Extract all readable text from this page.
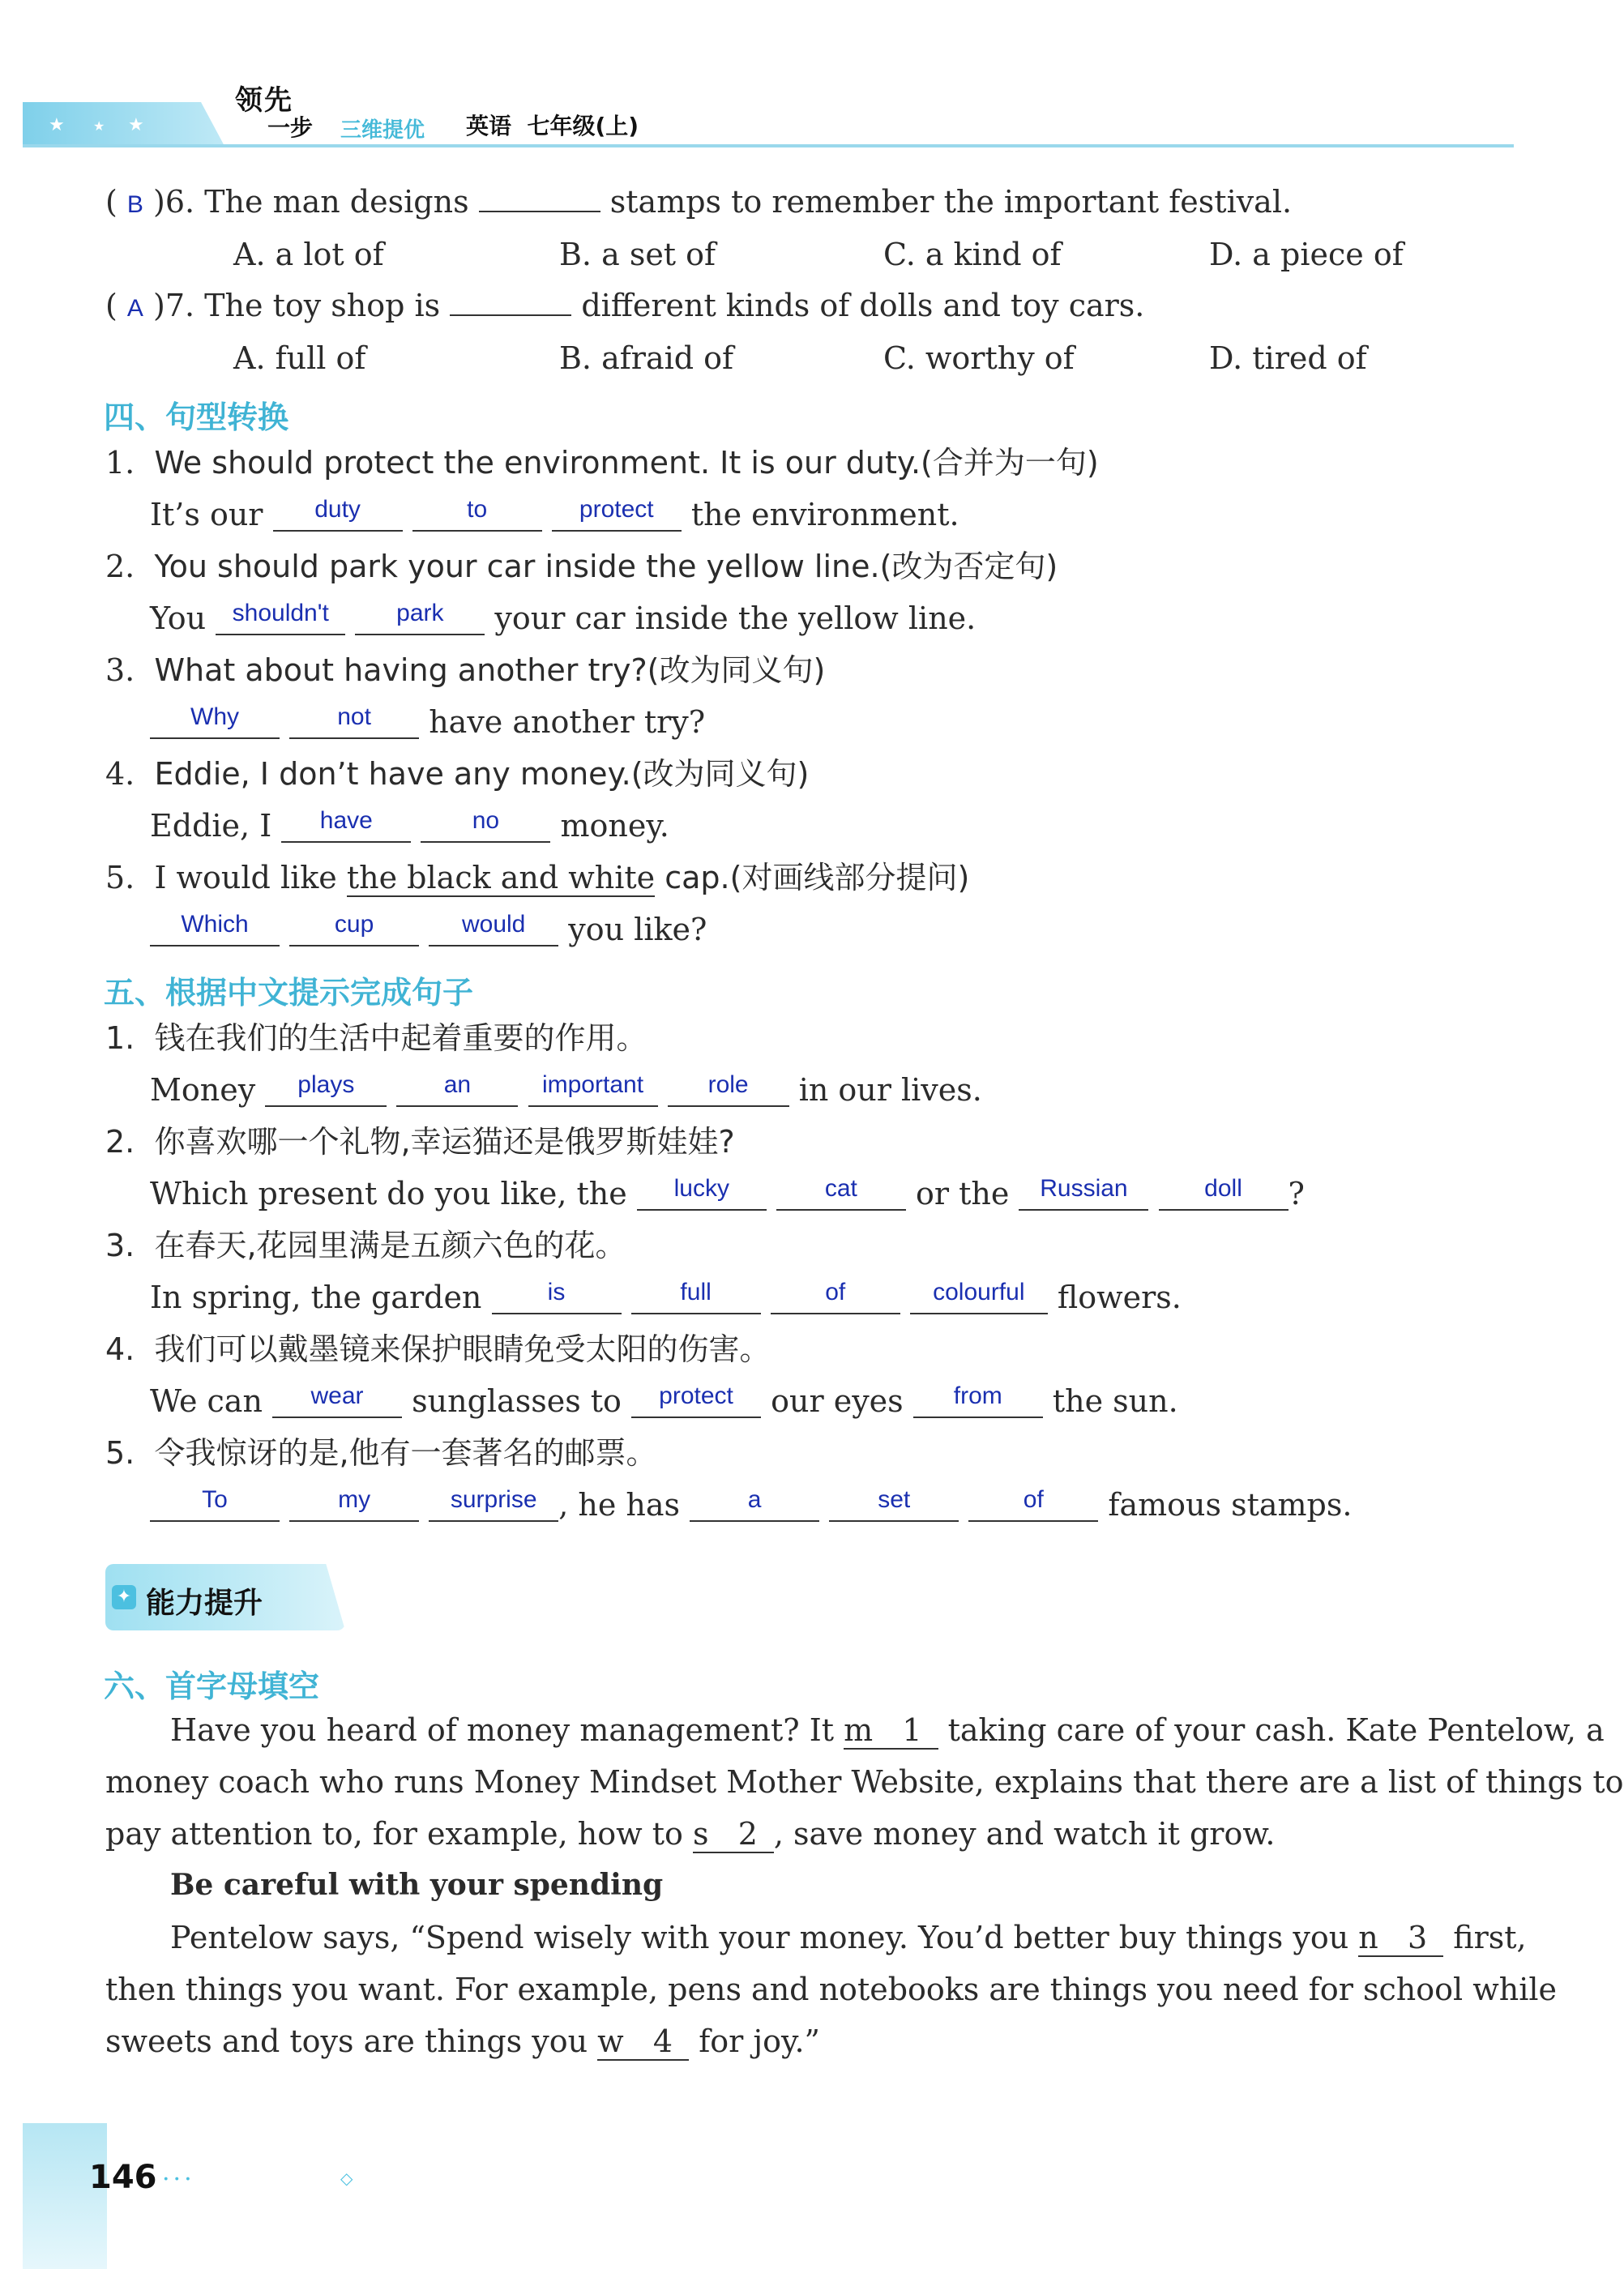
★ ★ ★
领先
一步 三维提优 英语  七年级(上)
( B )6. The man designs	stamps to remember the important festival.
A. a lot of	B. a set of	C. a kind of	D. a piece of
( A )7. The toy shop is	different kinds of dolls and toy cars.
A. full of	B. afraid of	C. worthy of	D. tired of
四、句型转换
1. We should protect the environment. It is our duty.(合并为一句)
It’s our $^{duty}$	$^{to}$	$^{protect}$ the environment.
2. You should park your car inside the yellow line.(改为否定句)
You $^{shouldn't}$	$^{park}$ your car inside the yellow line.
3. What about having another try?(改为同义句)
$^{Why}$	$^{not}$ have another try?
4. Eddie, I don’t have any money.(改为同义句)
Eddie, I $^{have}$	$^{no}$ money.
5. I would like the black and white cap.(对画线部分提问)
$^{Which}$	$^{cup}$	$^{would}$ you like?
五、根据中文提示完成句子
1. 钱在我们的生活中起着重要的作用。
Money $^{plays}$	$^{an}$	$^{important}$	$^{role}$ in our lives.
2. 你喜欢哪一个礼物,幸运猫还是俄罗斯娃娃?
Which present do you like, the $^{lucky}$	$^{cat}$ or the $^{Russian}$	$^{doll}$ ?
3. 在春天,花园里满是五颜六色的花。
In spring, the garden	$^{is}$	$^{full}$	$^{of}$	$^{colourful}$ flowers.
4. 我们可以戴墨镜来保护眼睛免受太阳的伤害。
We can $^{wear}$ sunglasses to $^{protect}$ our eyes $^{from}$ the sun.
5. 令我惊讶的是,他有一套著名的邮票。
$^{To}$	$^{my}$	$^{surprise}$ , he has	$^a$	$^{set}$	$^{of}$ famous stamps.
✦ 能力提升
六、首字母填空
Have you heard of money management? It m   1 taking care of your cash. Kate Pentelow, a
money coach who runs Money Mindset Mother Website, explains that there are a list of things to
pay attention to, for example, how to s   2 , save money and watch it grow.
Be careful with your spending
Pentelow says, “Spend wisely with your money. You’d better buy things you n   3 first,
then things you want. For example, pens and notebooks are things you need for school while
sweets and toys are things you w   4 for joy.”
146 ···	◇
